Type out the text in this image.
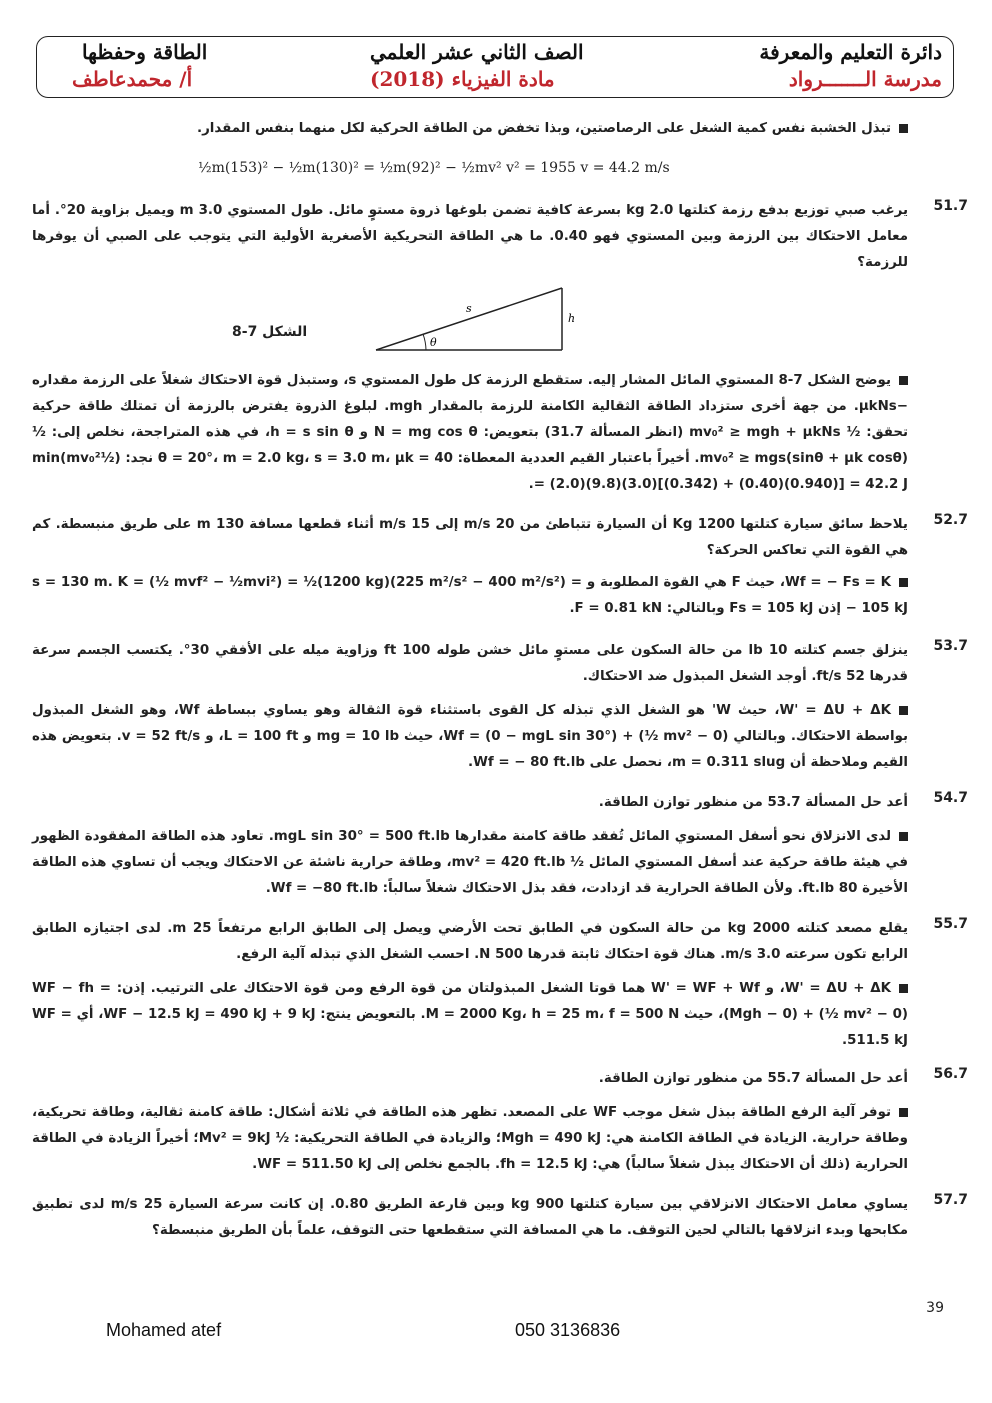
دائرة التعليم والمعرفة
مدرسة الـــــــرواد
الصف الثاني عشر العلمي
مادة الفيزياء (2018)
الطاقة وحفظها
أ/ محمدعاطف
تبذل الخشبة نفس كمية الشغل على الرصاصتين، وبذا تخفض من الطاقة الحركية لكل منهما بنفس المقدار.
½m(153)² − ½m(130)² = ½m(92)² − ½mv² v² = 1955 v = 44.2 m/s
51.7
يرغب صبي توزيع بدفع رزمة كتلتها 2.0 kg بسرعة كافية تضمن بلوغها ذروة مستوٍ مائل. طول المستوي 3.0 m ويميل بزاوية 20°. أما معامل الاحتكاك بين الرزمة وبين المستوي فهو 0.40. ما هي الطاقة التحريكية الأصغرية الأولية التي يتوجب على الصبي أن يوفرها للرزمة؟
s
h
θ
الشكل 7-8
يوضح الشكل 7-8 المستوي المائل المشار إليه. ستقطع الرزمة كل طول المستوي s، وستبذل قوة الاحتكاك شغلاً على الرزمة مقداره −μkNs. من جهة أخرى ستزداد الطاقة الثقالية الكامنة للرزمة بالمقدار mgh. لبلوغ الذروة يفترض بالرزمة أن تمتلك طاقة حركية تحقق: ½ mv₀² ≥ mgh + μkNs (انظر المسألة 31.7) بتعويض: N = mg cos θ و h = s sin θ، في هذه المتراجحة، نخلص إلى: ½ mv₀² ≥ mgs(sinθ + μk cosθ). أخيراً باعتبار القيم العددية المعطاة: θ = 20°، m = 2.0 kg، s = 3.0 m، μk = 40 نجد: (½mv₀²)min = (2.0)(9.8)(3.0)[(0.342) + (0.40)(0.940)] = 42.2 J.
52.7
يلاحظ سائق سيارة كتلتها 1200 Kg أن السيارة تتباطئ من 20 m/s إلى 15 m/s أثناء قطعها مسافة 130 m على طريق منبسطة. كم هي القوة التي تعاكس الحركة؟
Wf = − Fs = K، حيث F هي القوة المطلوبة و s = 130 m. K = (½ mvf² − ½mvi²) = ½(1200 kg)(225 m²/s² − 400 m²/s²) = − 105 kJ إذن Fs = 105 kJ وبالتالي: F = 0.81 kN.
53.7
ينزلق جسم كتلته 10 lb من حالة السكون على مستوٍ مائل خشن طوله 100 ft وزاوية ميله على الأفقي 30°. يكتسب الجسم سرعة قدرها 52 ft/s. أوجد الشغل المبذول ضد الاحتكاك.
W' = ΔU + ΔK، حيث W' هو الشغل الذي تبذله كل القوى باستثناء قوة الثقالة وهو يساوي ببساطة Wf، وهو الشغل المبذول بواسطة الاحتكاك. وبالتالي Wf = (0 − mgL sin 30°) + (½ mv² − 0)، حيث mg = 10 lb و L = 100 ft، و v = 52 ft/s. بتعويض هذه القيم وملاحظة أن m = 0.311 slug، نحصل على Wf = − 80 ft.lb.
54.7
أعد حل المسألة 53.7 من منظور توازن الطاقة.
لدى الانزلاق نحو أسفل المستوي المائل تُفقد طاقة كامنة مقدارها mgL sin 30° = 500 ft.lb. تعاود هذه الطاقة المفقودة الظهور في هيئة طاقة حركية عند أسفل المستوي المائل ½ mv² = 420 ft.lb، وطاقة حرارية ناشئة عن الاحتكاك ويجب أن تساوي هذه الطاقة الأخيرة 80 ft.lb. ولأن الطاقة الحرارية قد ازدادت، فقد بذل الاحتكاك شغلاً سالباً: Wf = −80 ft.lb.
55.7
يقلع مصعد كتلته 2000 kg من حالة السكون في الطابق تحت الأرضي ويصل إلى الطابق الرابع مرتفعاً 25 m. لدى اجتيازه الطابق الرابع تكون سرعته 3.0 m/s. هناك قوة احتكاك ثابتة قدرها 500 N. احسب الشغل الذي تبذله آلية الرفع.
W' = ΔU + ΔK، و W' = WF + Wf هما قوتا الشغل المبذولتان من قوة الرفع ومن قوة الاحتكاك على الترتيب. إذن: WF − fh = (Mgh − 0) + (½ mv² − 0)، حيث M = 2000 Kg، h = 25 m، f = 500 N. بالتعويض ينتج: WF − 12.5 kJ = 490 kJ + 9 kJ، أي WF = 511.5 kJ.
56.7
أعد حل المسألة 55.7 من منظور توازن الطاقة.
توفر آلية الرفع الطاقة ببذل شغل موجب WF على المصعد. تظهر هذه الطاقة في ثلاثة أشكال: طاقة كامنة ثقالية، وطاقة تحريكية، وطاقة حرارية. الزيادة في الطاقة الكامنة هي: Mgh = 490 kJ؛ والزيادة في الطاقة التحريكية: ½ Mv² = 9kJ؛ أخيراً الزيادة في الطاقة الحرارية (ذلك أن الاحتكاك يبذل شغلاً سالباً) هي: fh = 12.5 kJ. بالجمع نخلص إلى WF = 511.50 kJ.
57.7
يساوي معامل الاحتكاك الانزلاقي بين سيارة كتلتها 900 kg وبين قارعة الطريق 0.80. إن كانت سرعة السيارة 25 m/s لدى تطبيق مكابحها وبدء انزلاقها بالتالي لحين التوقف. ما هي المسافة التي ستقطعها حتى التوقف، علماً بأن الطريق منبسطة؟
39
Mohamed atef	050 3136836
